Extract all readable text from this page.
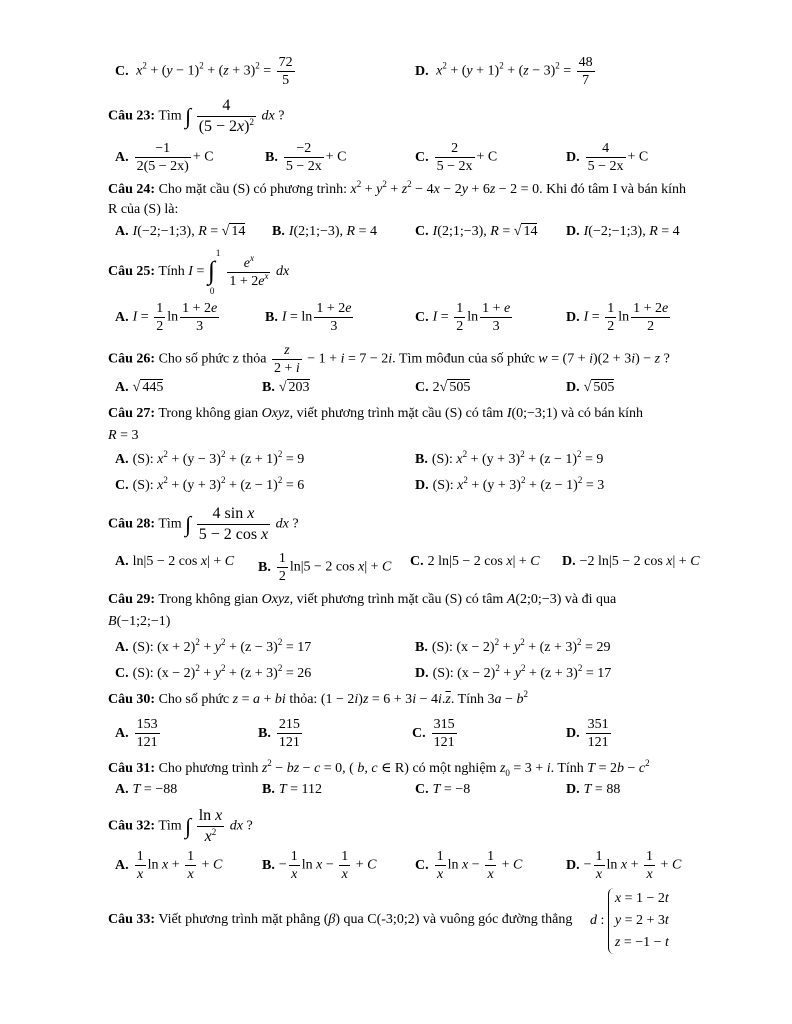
C. $x^2 + (y - 1)^2 + (z + 3)^2 = \frac{72}{5}$	D. $x^2 + (y + 1)^2 + (z - 3)^2 = \frac{48}{7}$
Câu 23: Tìm ∫ $\frac{4}{(5 - 2x)^2}$ dx ?
A. $\frac{-1}{2(5 - 2x)} + C$	B. $\frac{-2}{5 - 2x} + C$	C. $\frac{2}{5 - 2x} + C$	D. $\frac{4}{5 - 2x} + C$
Câu 24: Cho mặt cầu (S) có phương trình: $x^2 + y^2 + z^2 - 4x - 2y + 6z - 2 = 0$. Khi đó tâm I và bán kính
R của (S) là:
A. I(−2;−1;3), R = √ 14 B. I(2;1;−3), R = 4	C. I(2;1;−3), R = √ 14 D. I(−2;−1;3), R = 4
Câu 25: Tính I = ∫
1
0

$\frac{e^x}{1 + 2e^x}$ dx
A. $I = \frac{1}{2}$ $\ln \frac{1 + 2e}{3}$	B. $I = \ln \frac{1 + 2e}{3}$	C. $I = \frac{1}{2}$ $\ln \frac{1 + e}{3}$	D. $I = \frac{1}{2}$ $\ln \frac{1 + 2e}{2}$
Câu 26: Cho số phức z thỏa $\frac{z}{2 + i} - 1 + i = 7 - 2i$. Tìm môđun của số phức w = (7 + i)(2 + 3i) − z ?
A. √ 445	B. √ 203	C. 2√ 505	D. √ 505
Câu 27: Trong không gian Oxyz, viết phương trình mặt cầu (S) có tâm I(0;−3;1) và có bán kính
R = 3
A. (S): $x^2 + (y - 3)^2 + (z + 1)^2 = 9$	B. (S): $x^2 + (y + 3)^2 + (z - 1)^2 = 9$
C. (S): $x^2 + (y + 3)^2 + (z - 1)^2 = 6$	D. (S): $x^2 + (y + 3)^2 + (z - 1)^2 = 3$
Câu 28: Tìm ∫ $\frac{\text{4 sin x}}{\text{5 − 2 cos x}}$ dx ?
A. ln|5 − 2 cos x| + C B. $\frac{1}{2} \ln|5 - 2$ cos x| + C C. 2 ln|5 − 2 cos x| + C D. −2 ln|5 − 2 cos x| + C
Câu 29: Trong không gian Oxyz, viết phương trình mặt cầu (S) có tâm A(2;0;−3) và đi qua
B(−1;2;−1)
A. (S): $(x + 2)^2 + y^2 + (z - 3)^2 = 17$	B. (S): $(x - 2)^2 + y^2 + (z + 3)^2 = 29$
C. (S): $(x - 2)^2 + y^2 + (z + 3)^2 = 26$	D. (S): $(x - 2)^2 + y^2 + (z + 3)^2 = 17$
Câu 30: Cho số phức z = a + bi thỏa: $(1 - 2i)z = 6 + 3i - 4i.\overline{z}$. Tính $3a - b^2$
A. $\frac{153}{121}$	B. $\frac{215}{121}$	C. $\frac{315}{121}$	D. $\frac{351}{121}$
Câu 31: Cho phương trình $z^2$ − bz − c = 0, ( b, c ∈ R) có một nghiệm $z_0 = 3 + i$. Tính $T = 2b - c^2$
A. T = −88	B. T = 112	C. T = −8	D. T = 88
Câu 32: Tìm ∫ $\frac{\text{ln x}}{x^2}$ dx ?
A. $\frac{1}{x}$ $\ln x + \frac{1}{x} + C$	B. − $\frac{1}{x}$ $\ln x - \frac{1}{x} + C$	C. $\frac{1}{x}$ $\ln x - \frac{1}{x} + C$	D. − $\frac{1}{x}$ $\ln x + \frac{1}{x} + C$
Câu 33: Viết phương trình mặt phẳng (β) qua C(-3;0;2) và vuông góc đường thẳng d :
x = 1 − 2t
y = 2 + 3t
z = −1 − t
